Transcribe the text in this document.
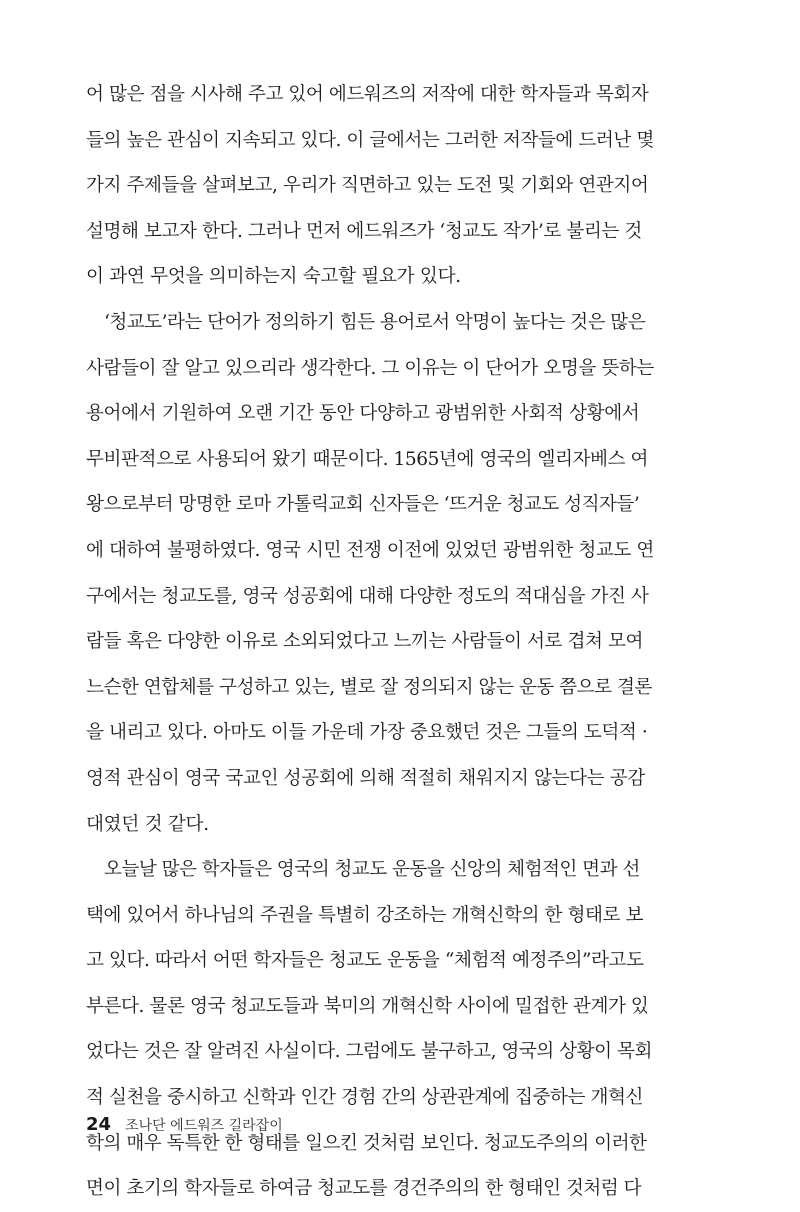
어 많은 점을 시사해 주고 있어 에드워즈의 저작에 대한 학자들과 목회자
들의 높은 관심이 지속되고 있다. 이 글에서는 그러한 저작들에 드러난 몇
가지 주제들을 살펴보고, 우리가 직면하고 있는 도전 및 기회와 연관지어
설명해 보고자 한다. 그러나 먼저 에드워즈가 ‘청교도 작가’로 불리는 것
이 과연 무엇을 의미하는지 숙고할 필요가 있다.
‘청교도’라는 단어가 정의하기 힘든 용어로서 악명이 높다는 것은 많은
사람들이 잘 알고 있으리라 생각한다. 그 이유는 이 단어가 오명을 뜻하는
용어에서 기원하여 오랜 기간 동안 다양하고 광범위한 사회적 상황에서
무비판적으로 사용되어 왔기 때문이다. 1565년에 영국의 엘리자베스 여
왕으로부터 망명한 로마 가톨릭교회 신자들은 ‘뜨거운 청교도 성직자들’
에 대하여 불평하였다. 영국 시민 전쟁 이전에 있었던 광범위한 청교도 연
구에서는 청교도를, 영국 성공회에 대해 다양한 정도의 적대심을 가진 사
람들 혹은 다양한 이유로 소외되었다고 느끼는 사람들이 서로 겹쳐 모여
느슨한 연합체를 구성하고 있는, 별로 잘 정의되지 않는 운동 쯤으로 결론
을 내리고 있다. 아마도 이들 가운데 가장 중요했던 것은 그들의 도덕적 ·
영적 관심이 영국 국교인 성공회에 의해 적절히 채워지지 않는다는 공감
대였던 것 같다.
오늘날 많은 학자들은 영국의 청교도 운동을 신앙의 체험적인 면과 선
택에 있어서 하나님의 주권을 특별히 강조하는 개혁신학의 한 형태로 보
고 있다. 따라서 어떤 학자들은 청교도 운동을 “체험적 예정주의”라고도
부른다. 물론 영국 청교도들과 북미의 개혁신학 사이에 밀접한 관계가 있
었다는 것은 잘 알려진 사실이다. 그럼에도 불구하고, 영국의 상황이 목회
적 실천을 중시하고 신학과 인간 경험 간의 상관관계에 집중하는 개혁신
학의 매우 독특한 한 형태를 일으킨 것처럼 보인다. 청교도주의의 이러한
면이 초기의 학자들로 하여금 청교도를 경건주의의 한 형태인 것처럼 다
24 조나단 에드워즈 길라잡이
